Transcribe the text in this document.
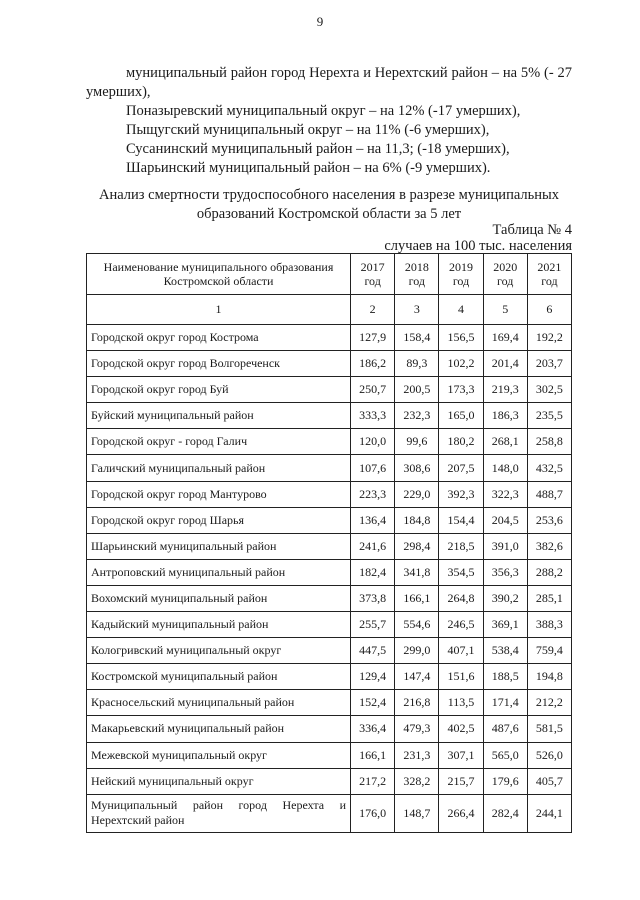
9

муниципальный район город Нерехта и Нерехтский район – на 5% (- 27 умерших),

Поназыревский муниципальный округ – на 12% (-17 умерших),

Пыщугский муниципальный округ – на 11% (-6 умерших),

Сусанинский муниципальный район – на 11,3; (-18 умерших),

Шарьинский муниципальный район – на 6% (-9 умерших).

Анализ смертности трудоспособного населения в разрезе муниципальных образований Костромской области за 5 лет
Таблица № 4
случаев на 100 тыс. населения
Наименование муниципального образования Костромской области	2017 год	2018 год	2019 год	2020 год	2021 год
1	2	3	4	5	6
Городской округ город Кострома	127,9	158,4	156,5	169,4	192,2
Городской округ город Волгореченск	186,2	89,3	102,2	201,4	203,7
Городской округ город Буй	250,7	200,5	173,3	219,3	302,5
Буйский муниципальный район	333,3	232,3	165,0	186,3	235,5
Городской округ - город Галич	120,0	99,6	180,2	268,1	258,8
Галичский муниципальный район	107,6	308,6	207,5	148,0	432,5
Городской округ город Мантурово	223,3	229,0	392,3	322,3	488,7
Городской округ город Шарья	136,4	184,8	154,4	204,5	253,6
Шарьинский муниципальный район	241,6	298,4	218,5	391,0	382,6
Антроповский муниципальный район	182,4	341,8	354,5	356,3	288,2
Вохомский муниципальный район	373,8	166,1	264,8	390,2	285,1
Кадыйский муниципальный район	255,7	554,6	246,5	369,1	388,3
Кологривский муниципальный округ	447,5	299,0	407,1	538,4	759,4
Костромской муниципальный район	129,4	147,4	151,6	188,5	194,8
Красносельский муниципальный район	152,4	216,8	113,5	171,4	212,2
Макарьевский муниципальный район	336,4	479,3	402,5	487,6	581,5
Межевской муниципальный округ	166,1	231,3	307,1	565,0	526,0
Нейский муниципальный округ	217,2	328,2	215,7	179,6	405,7
Муниципальный район город Нерехта и Нерехтский район	176,0	148,7	266,4	282,4	244,1
